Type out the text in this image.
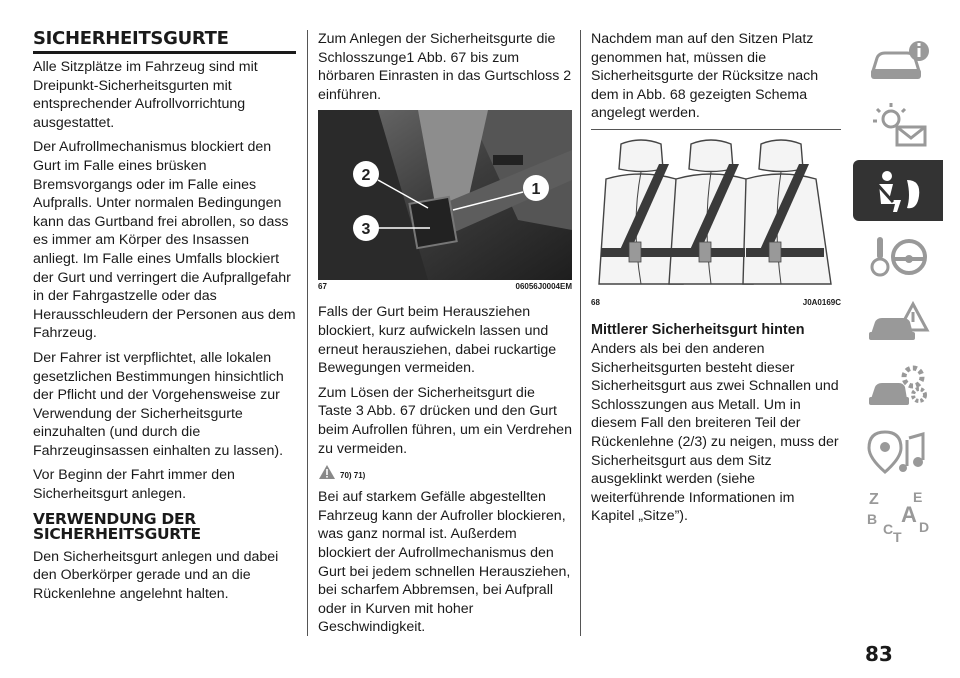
SICHERHEITSGURTE

Alle Sitzplätze im Fahrzeug sind mit Dreipunkt-Sicherheitsgurten mit entsprechender Aufrollvorrichtung ausgestattet.

Der Aufrollmechanismus blockiert den Gurt im Falle eines brüsken Bremsvorgangs oder im Falle eines Aufpralls. Unter normalen Bedingungen kann das Gurtband frei abrollen, so dass es immer am Körper des Insassen anliegt. Im Falle eines Umfalls blockiert der Gurt und verringert die Aufprallgefahr in der Fahrgastzelle oder das Herausschleudern der Personen aus dem Fahrzeug.

Der Fahrer ist verpflichtet, alle lokalen gesetzlichen Bestimmungen hinsichtlich der Pflicht und der Vorgehensweise zur Verwendung der Sicherheitsgurte einzuhalten (und durch die Fahrzeuginsassen einhalten zu lassen).

Vor Beginn der Fahrt immer den Sicherheitsgurt anlegen.

VERWENDUNG DER SICHERHEITSGURTE

Den Sicherheitsgurt anlegen und dabei den Oberkörper gerade und an die Rückenlehne angelehnt halten.

Zum Anlegen der Sicherheitsgurte die Schlosszunge1 Abb. 67 bis zum hörbaren Einrasten in das Gurtschloss 2 einführen.

2
1
3
67	06056J0004EM

Falls der Gurt beim Herausziehen blockiert, kurz aufwickeln lassen und erneut herausziehen, dabei ruckartige Bewegungen vermeiden.

Zum Lösen der Sicherheitsgurt die Taste 3 Abb. 67 drücken und den Gurt beim Aufrollen führen, um ein Verdrehen zu vermeiden.

70) 71)

Bei auf starkem Gefälle abgestellten Fahrzeug kann der Aufroller blockieren, was ganz normal ist. Außerdem blockiert der Aufrollmechanismus den Gurt bei jedem schnellen Herausziehen, bei scharfem Abbremsen, bei Aufprall oder in Kurven mit hoher Geschwindigkeit.

Nachdem man auf den Sitzen Platz genommen hat, müssen die Sicherheitsgurte der Rücksitze nach dem in Abb. 68 gezeigten Schema angelegt werden.

68	J0A0169C
Mittlerer Sicherheitsgurt hinten

Anders als bei den anderen Sicherheitsgurten besteht dieser Sicherheitsgurt aus zwei Schnallen und Schlosszungen aus Metall. Um in diesem Fall den breiteren Teil der Rückenlehne (2/3) zu neigen, muss der Sicherheitsgurt aus dem Sitz ausgeklinkt werden (siehe weiterführende Informationen im Kapitel „Sitze”).

Z E
B A
C D
T
83
